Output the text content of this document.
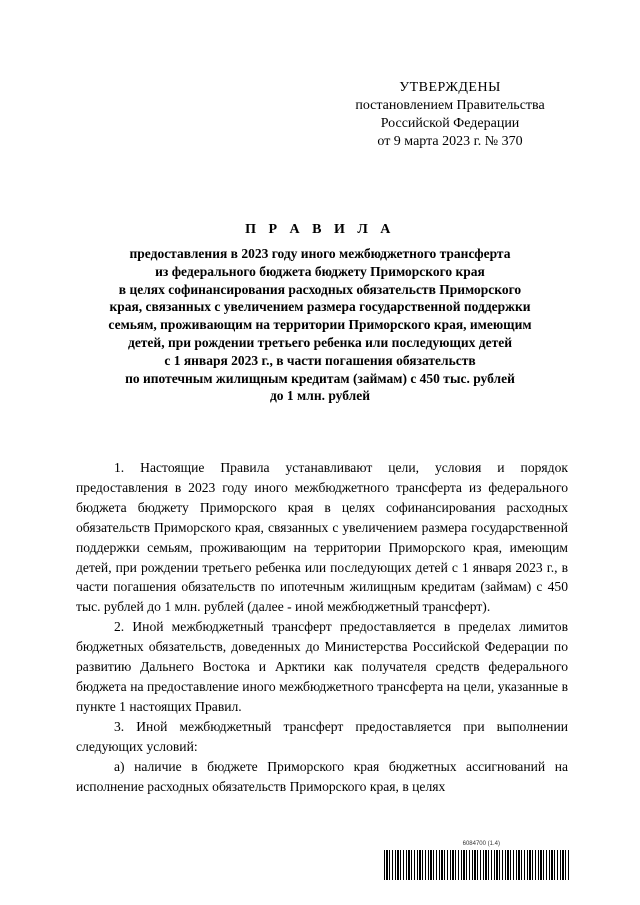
УТВЕРЖДЕНЫ
постановлением Правительства
Российской Федерации
от 9 марта 2023 г. № 370
П Р А В И Л А
предоставления в 2023 году иного межбюджетного трансферта
из федерального бюджета бюджету Приморского края
в целях софинансирования расходных обязательств Приморского
края, связанных с увеличением размера государственной поддержки
семьям, проживающим на территории Приморского края, имеющим
детей, при рождении третьего ребенка или последующих детей
с 1 января 2023 г., в части погашения обязательств
по ипотечным жилищным кредитам (займам) с 450 тыс. рублей
до 1 млн. рублей

1. Настоящие Правила устанавливают цели, условия и порядок предоставления в 2023 году иного межбюджетного трансферта из федерального бюджета бюджету Приморского края в целях софинансирования расходных обязательств Приморского края, связанных с увеличением размера государственной поддержки семьям, проживающим на территории Приморского края, имеющим детей, при рождении третьего ребенка или последующих детей с 1 января 2023 г., в части погашения обязательств по ипотечным жилищным кредитам (займам) с 450 тыс. рублей до 1 млн. рублей (далее - иной межбюджетный трансферт).

2. Иной межбюджетный трансферт предоставляется в пределах лимитов бюджетных обязательств, доведенных до Министерства Российской Федерации по развитию Дальнего Востока и Арктики как получателя средств федерального бюджета на предоставление иного межбюджетного трансферта на цели, указанные в пункте 1 настоящих Правил.

3. Иной межбюджетный трансферт предоставляется при выполнении следующих условий:

а) наличие в бюджете Приморского края бюджетных ассигнований на исполнение расходных обязательств Приморского края, в целях

6084700 (1.4)
